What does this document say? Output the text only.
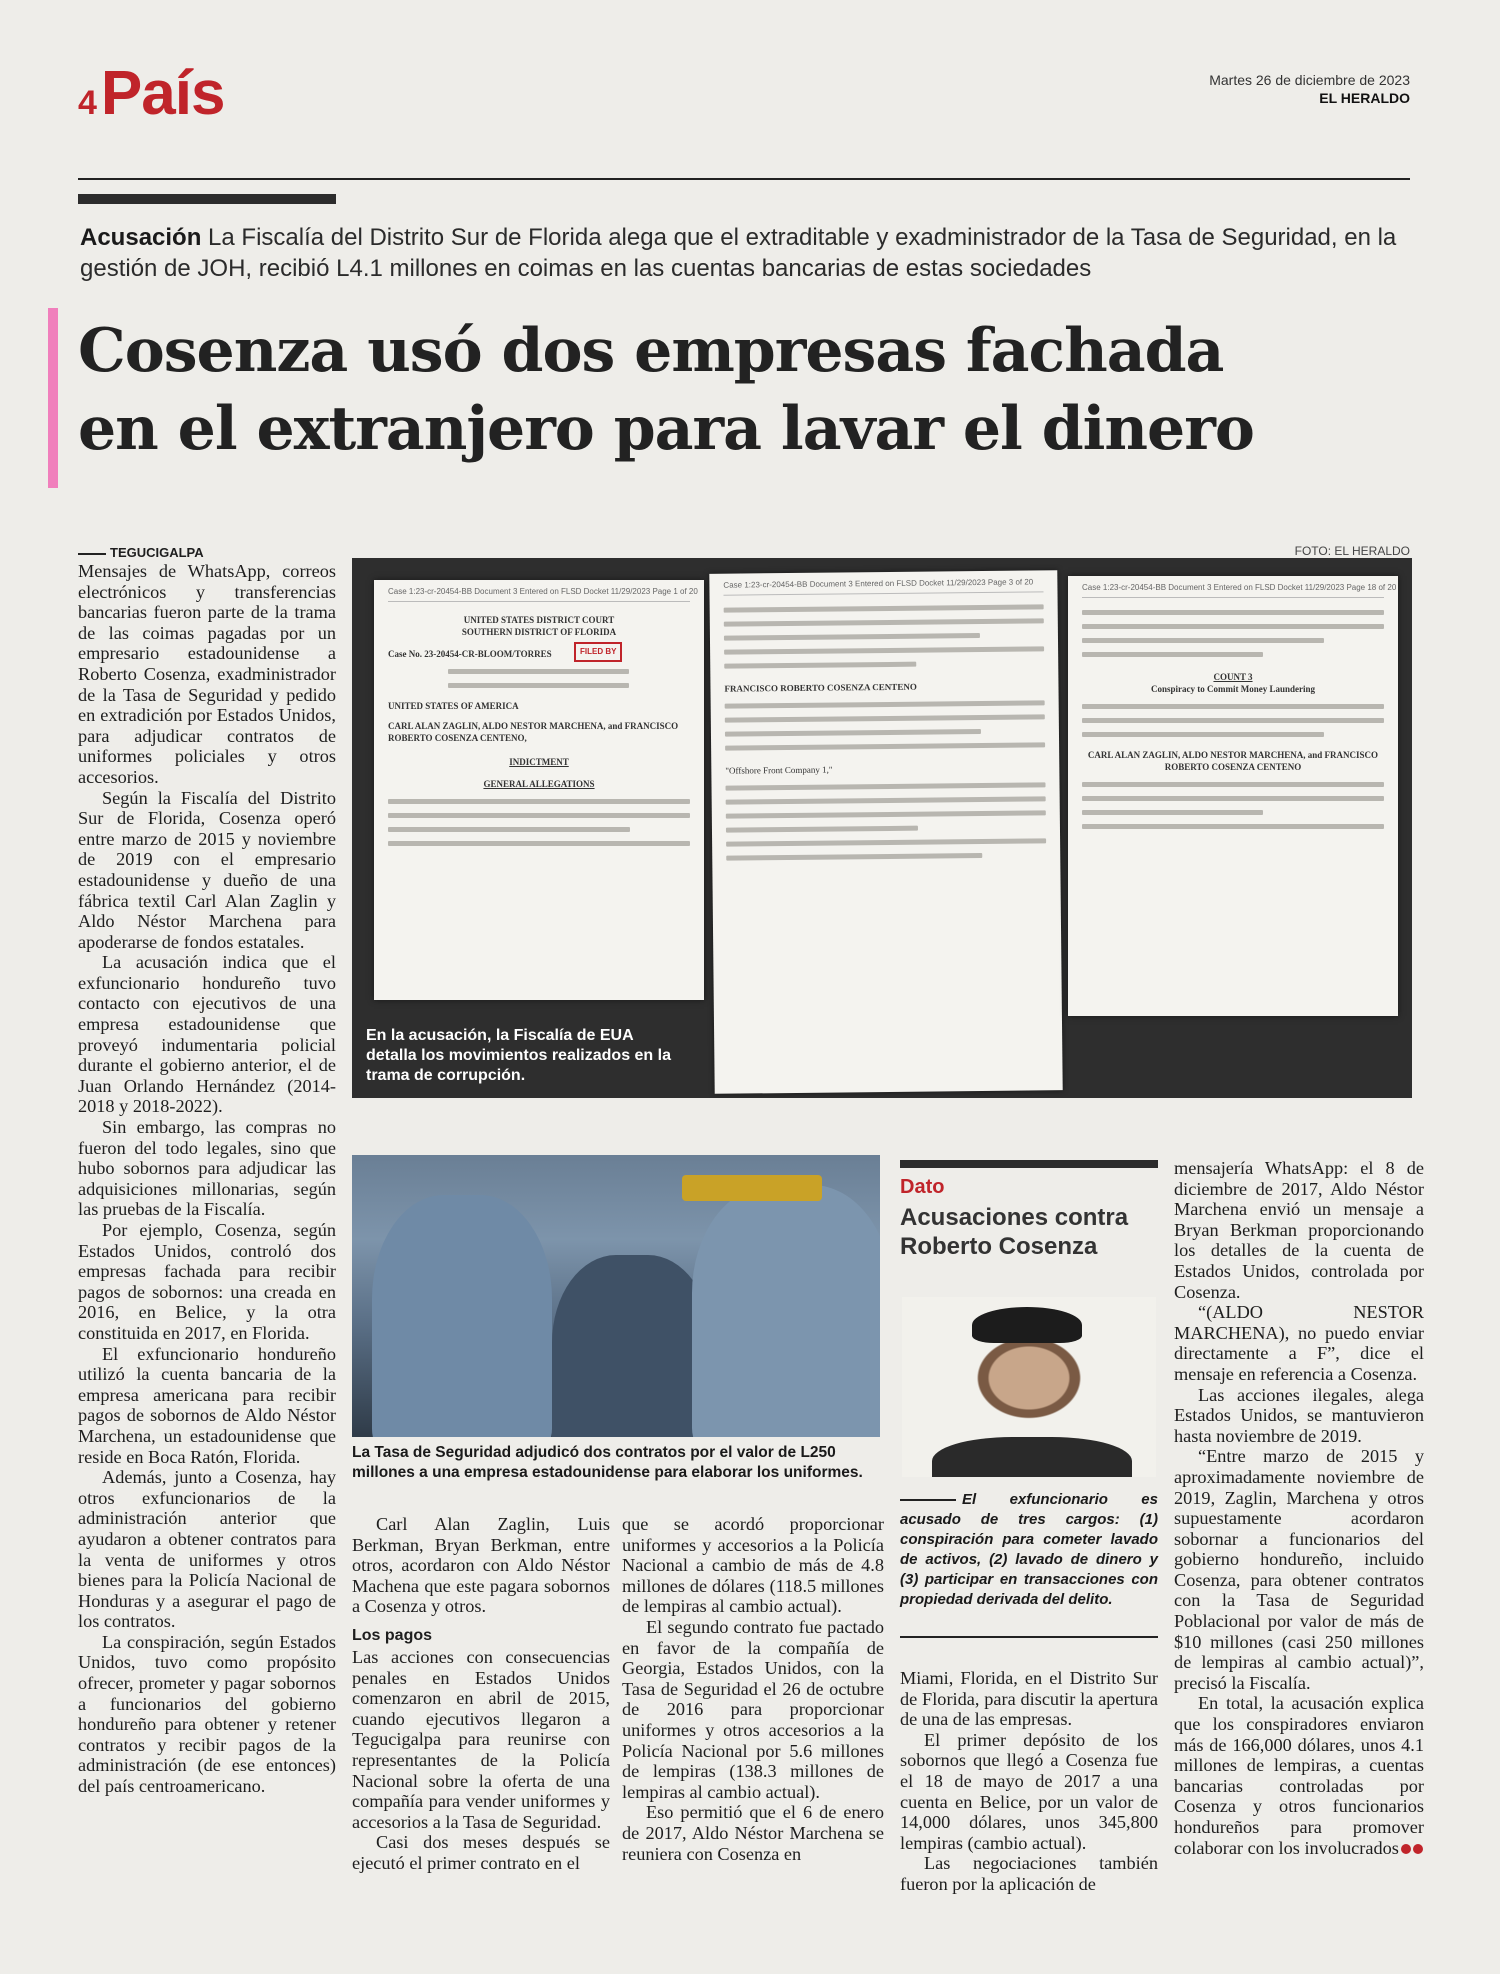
4 País	Martes 26 de diciembre de 2023
EL HERALDO
Acusación La Fiscalía del Distrito Sur de Florida alega que el extraditable y exadministrador de la Tasa de Seguridad, en la gestión de JOH, recibió L4.1 millones en coimas en las cuentas bancarias de estas sociedades
Cosenza usó dos empresas fachada
en el extranjero para lavar el dinero
TEGUCIGALPA

Mensajes de WhatsApp, correos electrónicos y transferencias bancarias fueron parte de la trama de las coimas pagadas por un empresario estadounidense a Roberto Cosenza, exadministrador de la Tasa de Seguridad y pedido en extradición por Estados Unidos, para adjudicar contratos de uniformes policiales y otros accesorios.

Según la Fiscalía del Distrito Sur de Florida, Cosenza operó entre marzo de 2015 y noviembre de 2019 con el empresario estadounidense y dueño de una fábrica textil Carl Alan Zaglin y Aldo Néstor Marchena para apoderarse de fondos estatales.

La acusación indica que el exfuncionario hondureño tuvo contacto con ejecutivos de una empresa estadounidense que proveyó indumentaria policial durante el gobierno anterior, el de Juan Orlando Hernández (2014-2018 y 2018-2022).

Sin embargo, las compras no fueron del todo legales, sino que hubo sobornos para adjudicar las adquisiciones millonarias, según las pruebas de la Fiscalía.

Por ejemplo, Cosenza, según Estados Unidos, controló dos empresas fachada para recibir pagos de sobornos: una creada en 2016, en Belice, y la otra constituida en 2017, en Florida.

El exfuncionario hondureño utilizó la cuenta bancaria de la empresa americana para recibir pagos de sobornos de Aldo Néstor Marchena, un estadounidense que reside en Boca Ratón, Florida.

Además, junto a Cosenza, hay otros exfuncionarios de la administración anterior que ayudaron a obtener contratos para la venta de uniformes y otros bienes para la Policía Nacional de Honduras y a asegurar el pago de los contratos.

La conspiración, según Estados Unidos, tuvo como propósito ofrecer, prometer y pagar sobornos a funcionarios del gobierno hondureño para obtener y retener contratos y recibir pagos de la administración (de ese entonces) del país centroamericano.

FOTO: EL HERALDO
Case 1:23-cr-20454-BB Document 3 Entered on FLSD Docket 11/29/2023 Page 1 of 20
UNITED STATES DISTRICT COURT
SOUTHERN DISTRICT OF FLORIDA
Case No. 23-20454-CR-BLOOM/TORRES	FILED BY
UNITED STATES OF AMERICA
CARL ALAN ZAGLIN, ALDO NESTOR MARCHENA, and FRANCISCO ROBERTO COSENZA CENTENO,
INDICTMENT
GENERAL ALLEGATIONS
Case 1:23-cr-20454-BB Document 3 Entered on FLSD Docket 11/29/2023 Page 3 of 20
FRANCISCO ROBERTO COSENZA CENTENO
"Offshore Front Company 1,"
Case 1:23-cr-20454-BB Document 3 Entered on FLSD Docket 11/29/2023 Page 18 of 20
COUNT 3
Conspiracy to Commit Money Laundering
CARL ALAN ZAGLIN, ALDO NESTOR MARCHENA, and FRANCISCO ROBERTO COSENZA CENTENO
En la acusación, la Fiscalía de EUA detalla los movimientos realizados en la trama de corrupción.
La Tasa de Seguridad adjudicó dos contratos por el valor de L250 millones a una empresa estadounidense para elaborar los uniformes.

Carl Alan Zaglin, Luis Berkman, Bryan Berkman, entre otros, acordaron con Aldo Néstor Machena que este pagara sobornos a Cosenza y otros.

Los pagos

Las acciones con consecuencias penales en Estados Unidos comenzaron en abril de 2015, cuando ejecutivos llegaron a Tegucigalpa para reunirse con representantes de la Policía Nacional sobre la oferta de una compañía para vender uniformes y accesorios a la Tasa de Seguridad.

Casi dos meses después se ejecutó el primer contrato en el

que se acordó proporcionar uniformes y accesorios a la Policía Nacional a cambio de más de 4.8 millones de dólares (118.5 millones de lempiras al cambio actual).

El segundo contrato fue pactado en favor de la compañía de Georgia, Estados Unidos, con la Tasa de Seguridad el 26 de octubre de 2016 para proporcionar uniformes y otros accesorios a la Policía Nacional por 5.6 millones de lempiras (138.3 millones de lempiras al cambio actual).

Eso permitió que el 6 de enero de 2017, Aldo Néstor Marchena se reuniera con Cosenza en

Dato
Acusaciones contra Roberto Cosenza
El exfuncionario es acusado de tres cargos: (1) conspiración para cometer lavado de activos, (2) lavado de dinero y (3) participar en transacciones con propiedad derivada del delito.

Miami, Florida, en el Distrito Sur de Florida, para discutir la apertura de una de las empresas.

El primer depósito de los sobornos que llegó a Cosenza fue el 18 de mayo de 2017 a una cuenta en Belice, por un valor de 14,000 dólares, unos 345,800 lempiras (cambio actual).

Las negociaciones también fueron por la aplicación de

mensajería WhatsApp: el 8 de diciembre de 2017, Aldo Néstor Marchena envió un mensaje a Bryan Berkman proporcionando los detalles de la cuenta de Estados Unidos, controlada por Cosenza.

“(ALDO NESTOR MARCHENA), no puedo enviar directamente a F”, dice el mensaje en referencia a Cosenza.

Las acciones ilegales, alega Estados Unidos, se mantuvieron hasta noviembre de 2019.

“Entre marzo de 2015 y aproximadamente noviembre de 2019, Zaglin, Marchena y otros supuestamente acordaron sobornar a funcionarios del gobierno hondureño, incluido Cosenza, para obtener contratos con la Tasa de Seguridad Poblacional por valor de más de $10 millones (casi 250 millones de lempiras al cambio actual)”, precisó la Fiscalía.

En total, la acusación explica que los conspiradores enviaron más de 166,000 dólares, unos 4.1 millones de lempiras, a cuentas bancarias controladas por Cosenza y otros funcionarios hondureños para promover colaborar con los involucrados
